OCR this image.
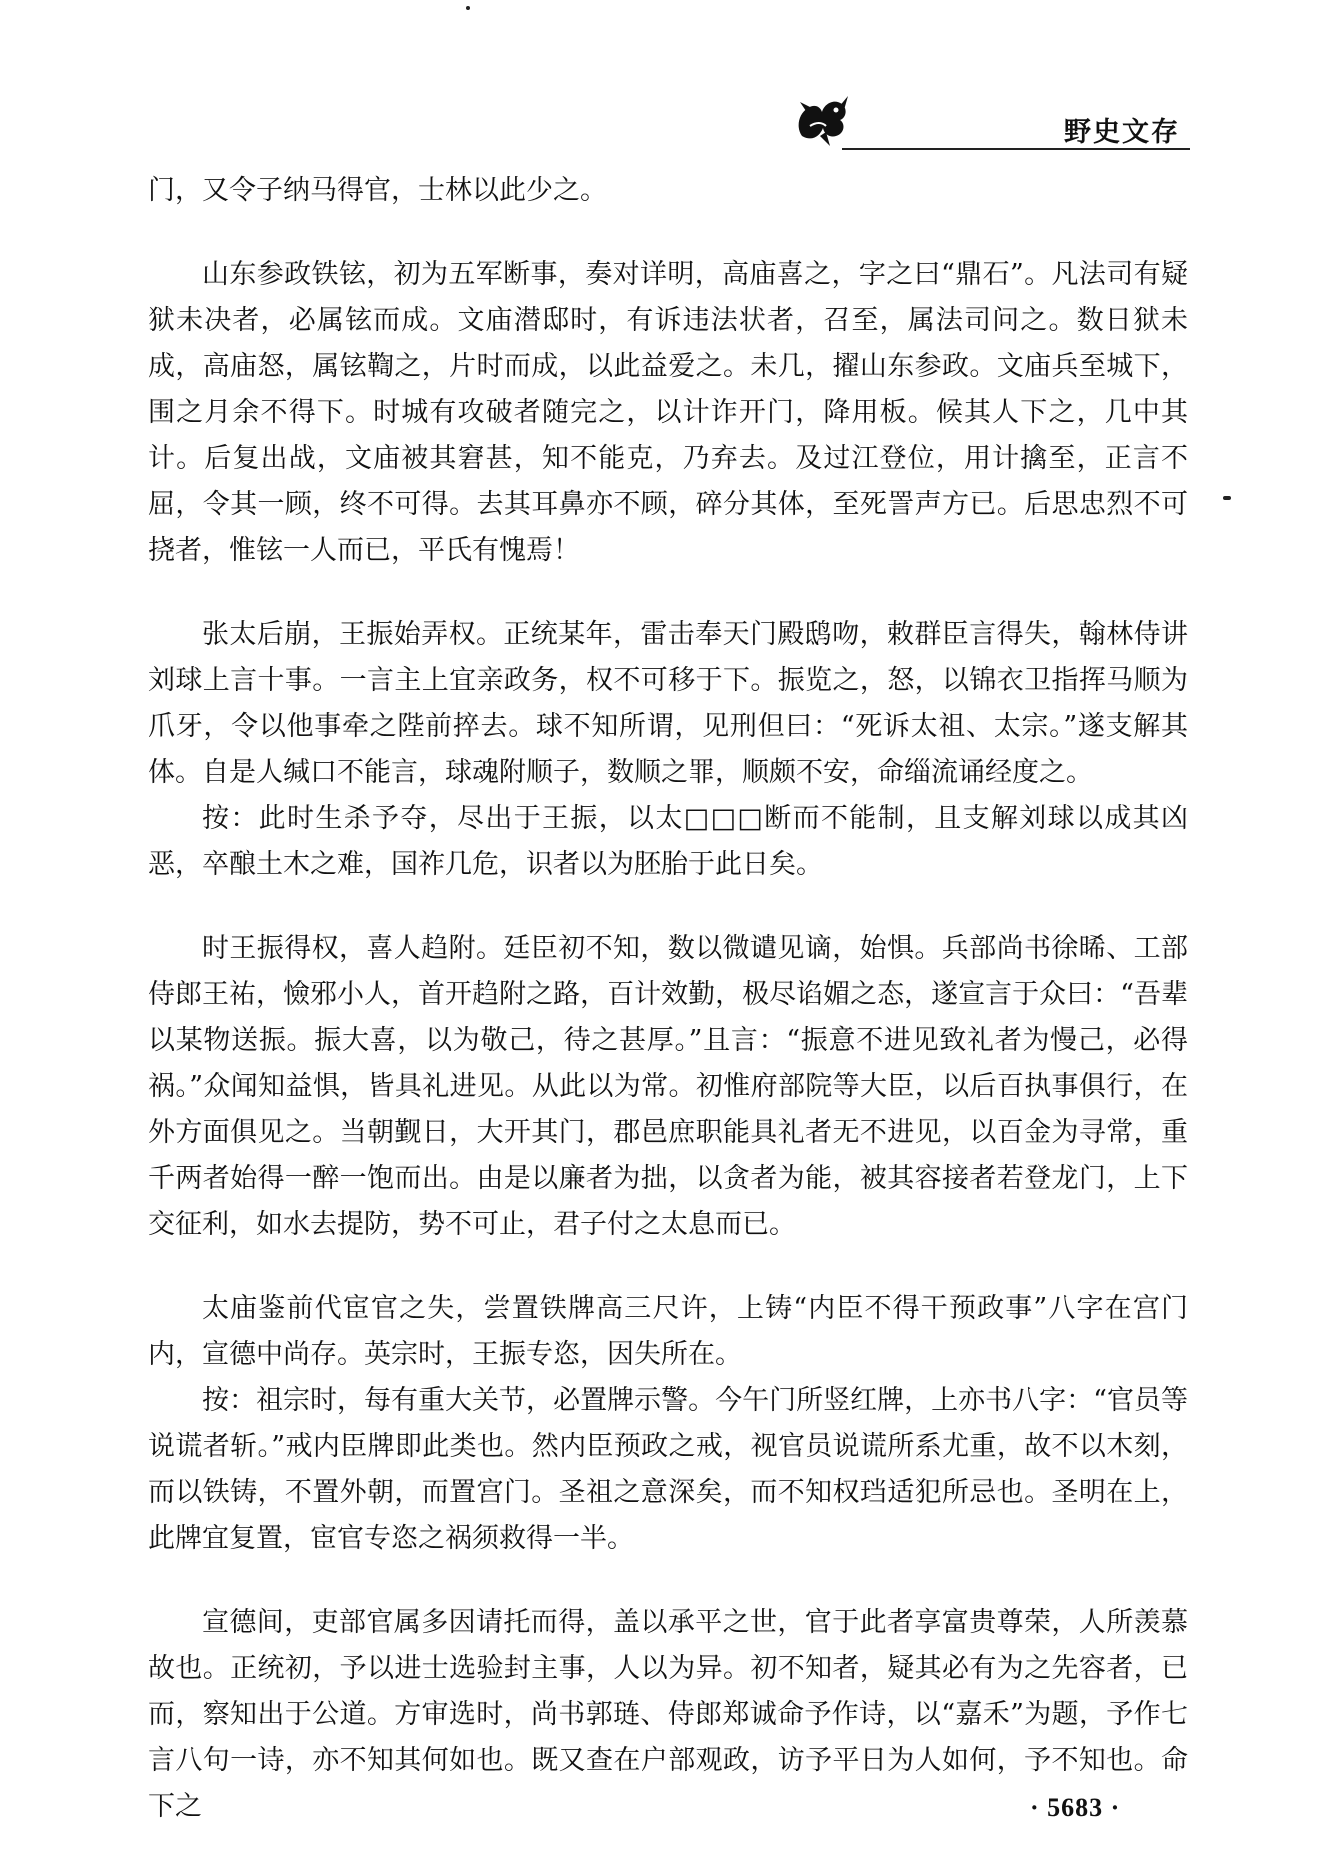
野史文存

门，又令子纳马得官，士林以此少之。

山东参政铁铉，初为五军断事，奏对详明，高庙喜之，字之曰“鼎石”。凡法司有疑狱未决者，必属铉而成。文庙潜邸时，有诉违法状者，召至，属法司问之。数日狱未成，高庙怒，属铉鞫之，片时而成，以此益爱之。未几，擢山东参政。文庙兵至城下，围之月余不得下。时城有攻破者随完之，以计诈开门，降用板。候其人下之，几中其计。后复出战，文庙被其窘甚，知不能克，乃弃去。及过江登位，用计擒至，正言不屈，令其一顾，终不可得。去其耳鼻亦不顾，碎分其体，至死詈声方已。后思忠烈不可挠者，惟铉一人而已，平氏有愧焉！

张太后崩，王振始弄权。正统某年，雷击奉天门殿鸱吻，敕群臣言得失，翰林侍讲刘球上言十事。一言主上宜亲政务，权不可移于下。振览之，怒，以锦衣卫指挥马顺为爪牙，令以他事牵之陛前捽去。球不知所谓，见刑但曰：“死诉太祖、太宗。”遂支解其体。自是人缄口不能言，球魂附顺子，数顺之罪，顺颇不安，命缁流诵经度之。

按：此时生杀予夺，尽出于王振，以太□□□断而不能制，且支解刘球以成其凶恶，卒酿土木之难，国祚几危，识者以为胚胎于此日矣。

时王振得权，喜人趋附。廷臣初不知，数以微谴见谪，始惧。兵部尚书徐晞、工部侍郎王祐，憸邪小人，首开趋附之路，百计效勤，极尽谄媚之态，遂宣言于众曰：“吾辈以某物送振。振大喜，以为敬己，待之甚厚。”且言：“振意不进见致礼者为慢己，必得祸。”众闻知益惧，皆具礼进见。从此以为常。初惟府部院等大臣，以后百执事俱行，在外方面俱见之。当朝觐日，大开其门，郡邑庶职能具礼者无不进见，以百金为寻常，重千两者始得一醉一饱而出。由是以廉者为拙，以贪者为能，被其容接者若登龙门，上下交征利，如水去提防，势不可止，君子付之太息而已。

太庙鉴前代宦官之失，尝置铁牌高三尺许，上铸“内臣不得干预政事”八字在宫门内，宣德中尚存。英宗时，王振专恣，因失所在。

按：祖宗时，每有重大关节，必置牌示警。今午门所竖红牌，上亦书八字：“官员等说谎者斩。”戒内臣牌即此类也。然内臣预政之戒，视官员说谎所系尤重，故不以木刻，而以铁铸，不置外朝，而置宫门。圣祖之意深矣，而不知权珰适犯所忌也。圣明在上，此牌宜复置，宦官专恣之祸须救得一半。

宣德间，吏部官属多因请托而得，盖以承平之世，官于此者享富贵尊荣，人所羡慕故也。正统初，予以进士选验封主事，人以为异。初不知者，疑其必有为之先容者，已而，察知出于公道。方审选时，尚书郭琏、侍郎郑诚命予作诗，以“嘉禾”为题，予作七言八句一诗，亦不知其何如也。既又查在户部观政，访予平日为人如何，予不知也。命下之	· 5683 ·
